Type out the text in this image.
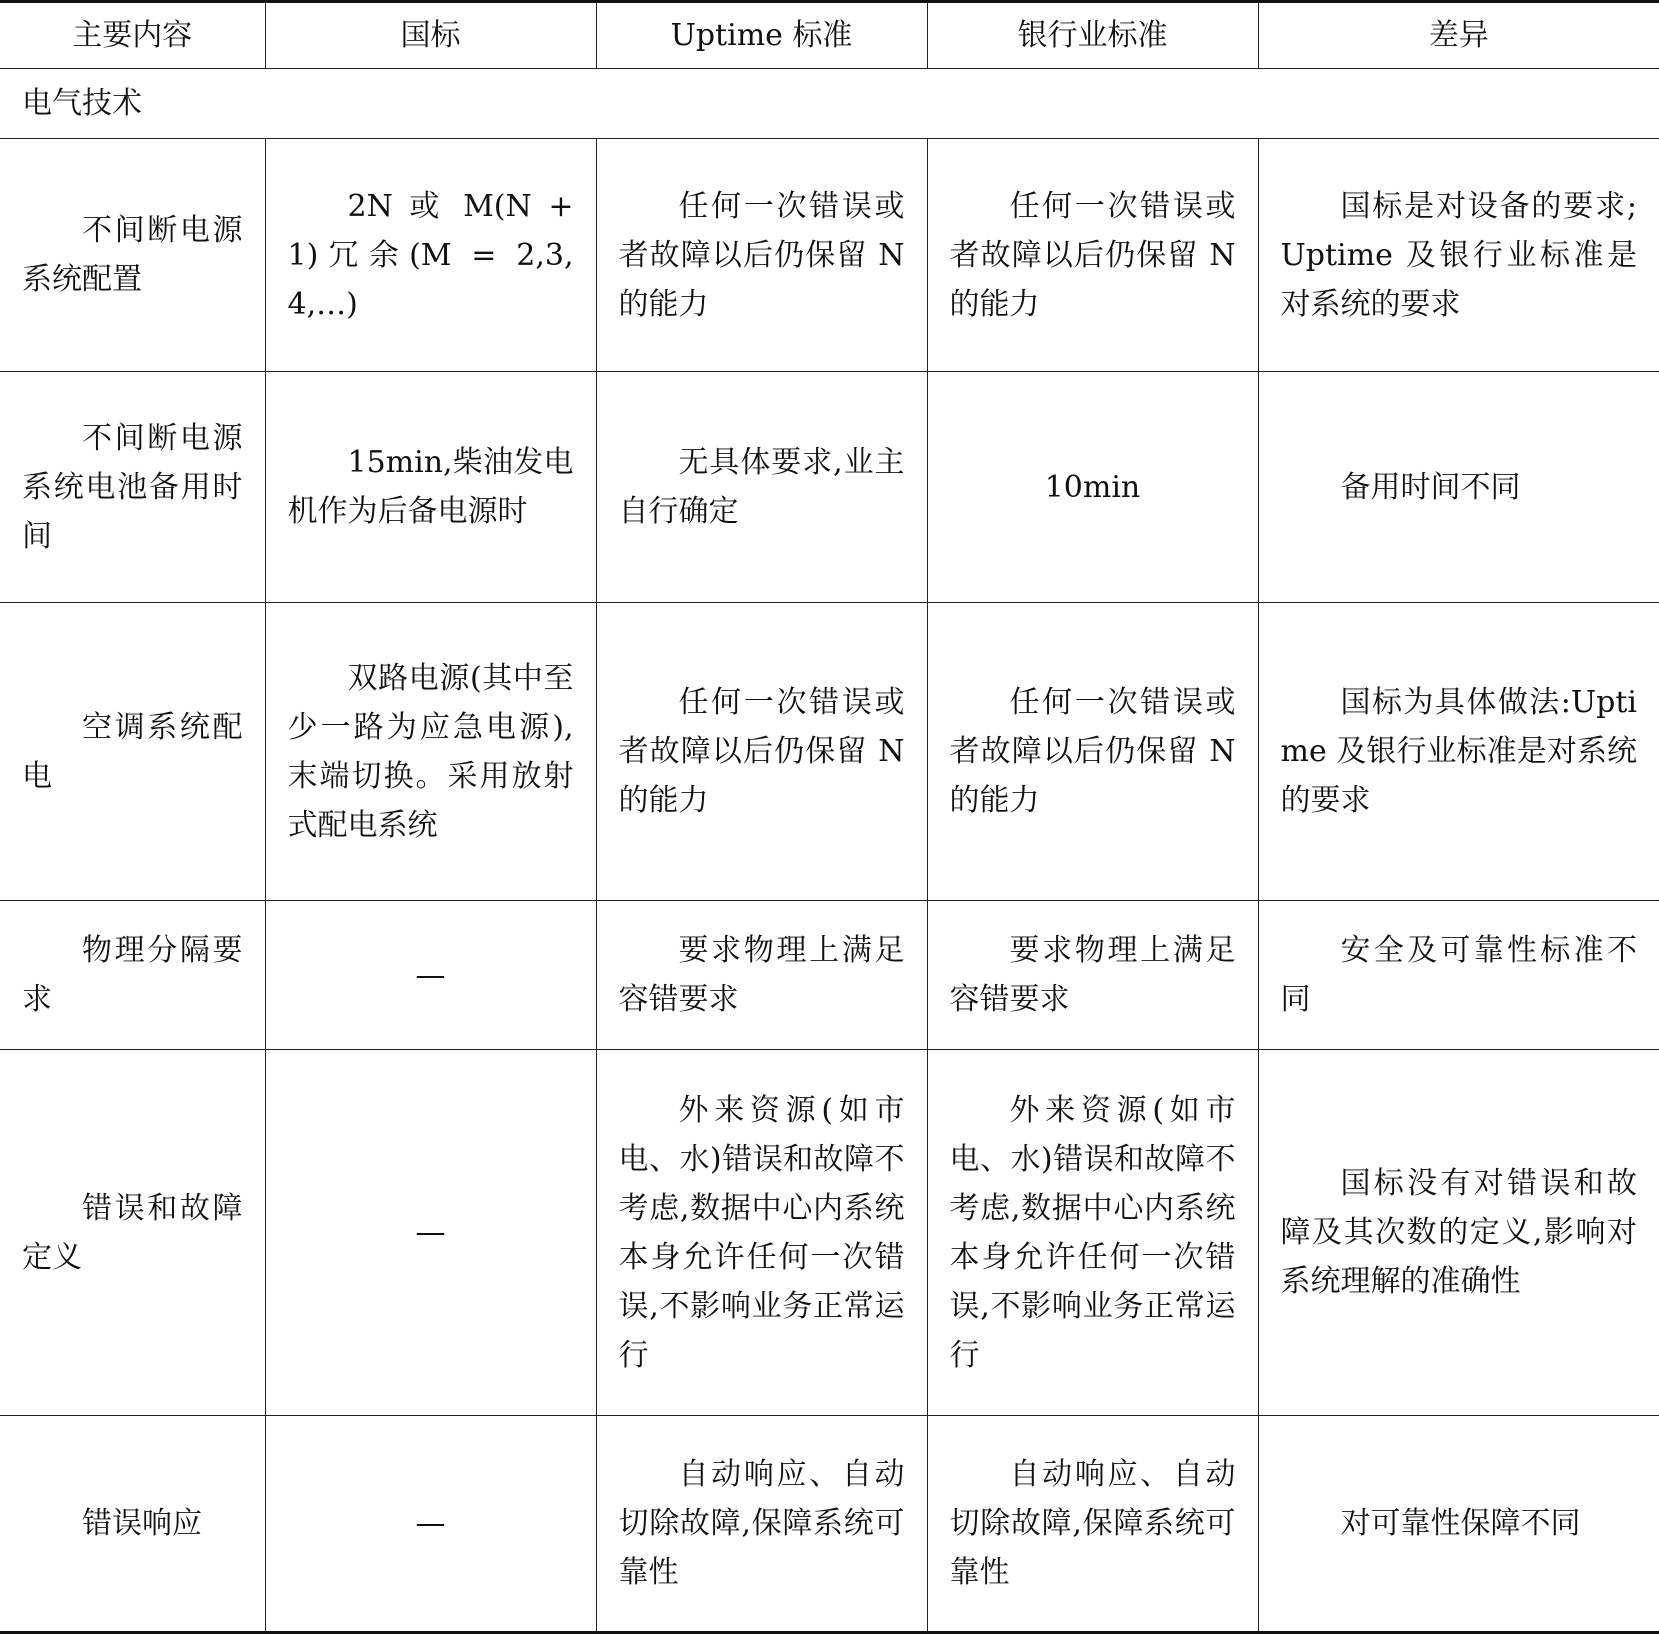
主要内容	国标	Uptime 标准	银行业标准	差异
电气技术				
不间断电源系统配置	2N 或 M(N + 1)冗余(M = 2,3,4,…)	任何一次错误或者故障以后仍保留 N 的能力	任何一次错误或者故障以后仍保留 N 的能力	国标是对设备的要求;Uptime 及银行业标准是对系统的要求
不间断电源系统电池备用时间	15min,柴油发电机作为后备电源时	无具体要求,业主自行确定	10min	备用时间不同
空调系统配电	双路电源(其中至少一路为应急电源),末端切换。采用放射式配电系统	任何一次错误或者故障以后仍保留 N 的能力	任何一次错误或者故障以后仍保留 N 的能力	国标为具体做法:Uptime 及银行业标准是对系统的要求
物理分隔要求	—	要求物理上满足容错要求	要求物理上满足容错要求	安全及可靠性标准不同
错误和故障定义	—	外来资源(如市电、水)错误和故障不考虑,数据中心内系统本身允许任何一次错误,不影响业务正常运行	外来资源(如市电、水)错误和故障不考虑,数据中心内系统本身允许任何一次错误,不影响业务正常运行	国标没有对错误和故障及其次数的定义,影响对系统理解的准确性
错误响应	—	自动响应、自动切除故障,保障系统可靠性	自动响应、自动切除故障,保障系统可靠性	对可靠性保障不同
